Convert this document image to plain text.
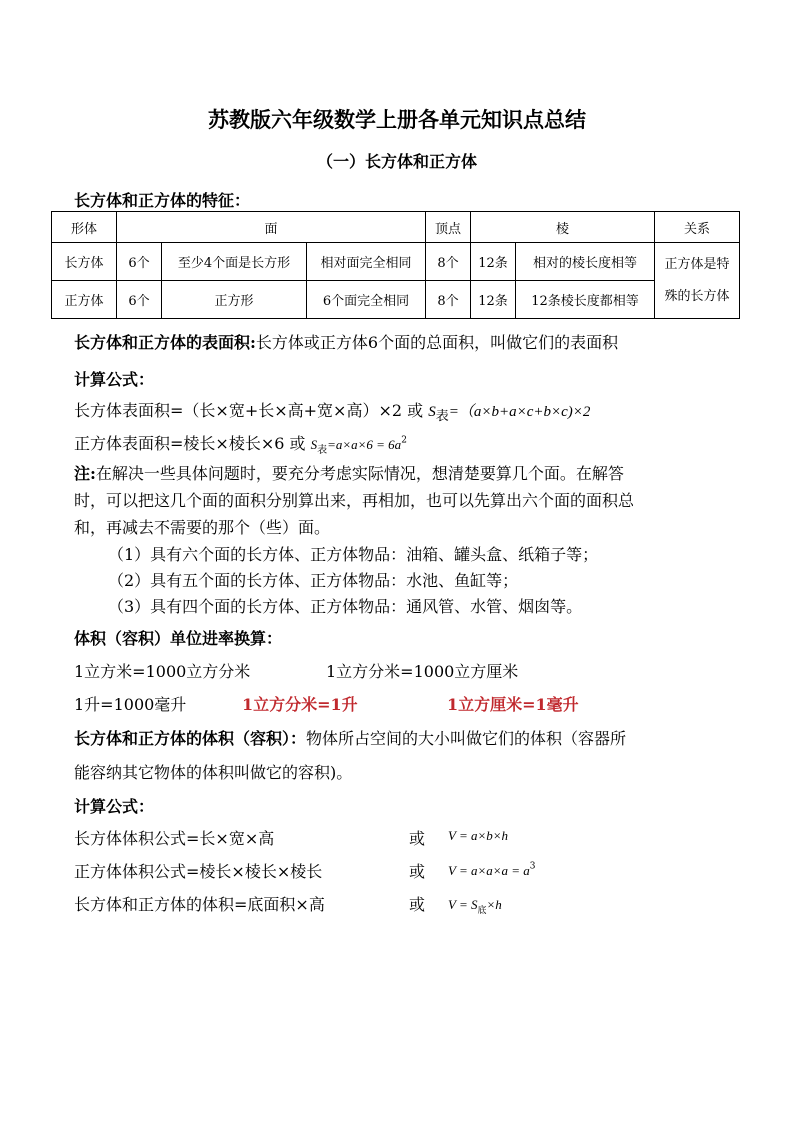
苏教版六年级数学上册各单元知识点总结
（一）长方体和正方体
长方体和正方体的特征：
形体	面			顶点	棱		关系
长方体	6个	至少4个面是长方形	相对面完全相同	8个	12条	相对的棱长度相等	正方体是特
殊的长方体
正方体	6个	正方形	6个面完全相同	8个	12条	12条棱长度都相等	
长方体和正方体的表面积:长方体或正方体6个面的总面积，叫做它们的表面积
计算公式：
长方体表面积=（长×宽+长×高+宽×高）×2 或 $S_表=(a\times b+a\times c+b\times c)\times 2$
正方体表面积=棱长×棱长×6 或 $S_表=a\times a\times 6 = 6a^2$
注:在解决一些具体问题时，要充分考虑实际情况，想清楚要算几个面。在解答
时，可以把这几个面的面积分别算出来，再相加，也可以先算出六个面的面积总
和，再减去不需要的那个（些）面。
（1）具有六个面的长方体、正方体物品：油箱、罐头盒、纸箱子等；
（2）具有五个面的长方体、正方体物品：水池、鱼缸等；
（3）具有四个面的长方体、正方体物品：通风管、水管、烟囱等。
体积（容积）单位进率换算：
1立方米=1000立方分米	1立方分米=1000立方厘米
1升=1000毫升	1立方分米=1升	1立方厘米=1毫升
长方体和正方体的体积（容积）：物体所占空间的大小叫做它们的体积（容器所
能容纳其它物体的体积叫做它的容积)。
计算公式：
长方体体积公式=长×宽×高	或 V = a×b×h
正方体体积公式=棱长×棱长×棱长	或 $V = a\times a\times a = a^3$
长方体和正方体的体积=底面积×高	或 $V = S_底\times h$
